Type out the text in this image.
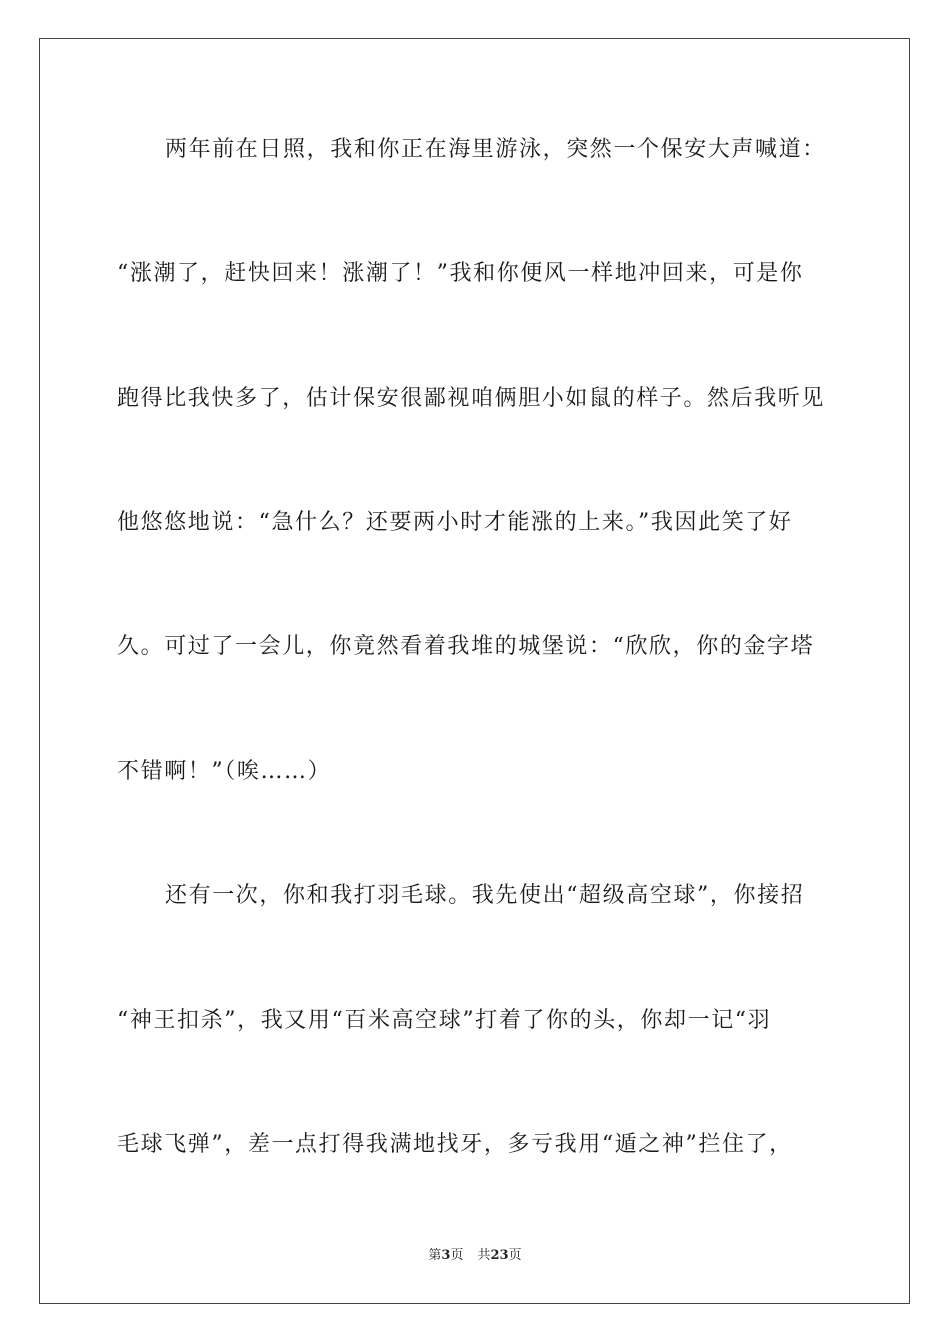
两年前在日照，我和你正在海里游泳，突然一个保安大声喊道：
“涨潮了，赶快回来！涨潮了！”我和你便风一样地冲回来，可是你
跑得比我快多了，估计保安很鄙视咱俩胆小如鼠的样子。然后我听见
他悠悠地说：“急什么？还要两小时才能涨的上来。”我因此笑了好
久。可过了一会儿，你竟然看着我堆的城堡说：“欣欣，你的金字塔
不错啊！”（唉……）
还有一次，你和我打羽毛球。我先使出“超级高空球”，你接招
“神王扣杀”，我又用“百米高空球”打着了你的头，你却一记“羽
毛球飞弹”，差一点打得我满地找牙，多亏我用“遁之神”拦住了，
第3页 共23页
